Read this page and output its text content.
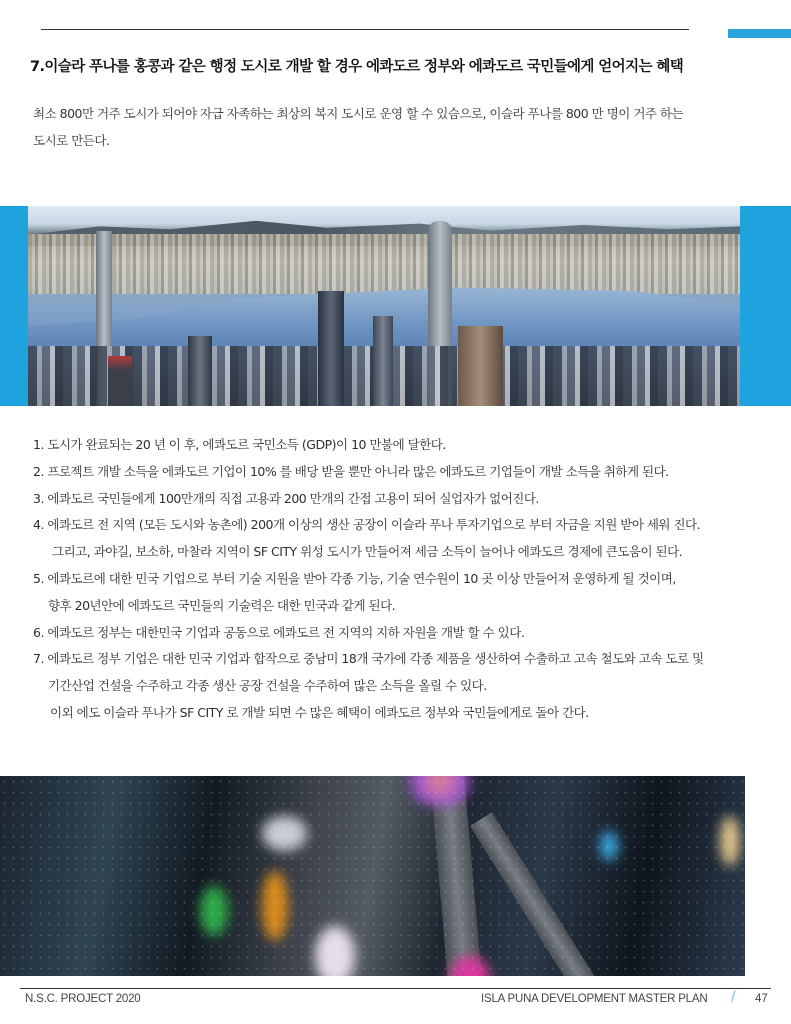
7.이슬라 푸나를 홍콩과 같은 행정 도시로 개발 할 경우 에콰도르 정부와 에콰도르 국민들에게 얻어지는 혜택
최소 800만 거주 도시가 되어야 자급 자족하는 최상의 복지 도시로 운영 할 수 있슴으로, 이슬라 푸나를 800 만 명이 거주 하는
도시로 만든다.
1. 도시가 완료되는 20 년 이 후, 에콰도르 국민소득 (GDP)이 10 만불에 달한다.
2. 프로젝트 개발 소득을 에콰도르 기업이 10% 를 배당 받을 뿐만 아니라 많은 에콰도르 기업들이 개발 소득을 취하게 된다.
3. 에콰도르 국민들에게 100만개의 직접 고용과 200 만개의 간접 고용이 되어 실업자가 없어진다.
4. 에콰도르 전 지역 (모든 도시와 농촌에) 200개 이상의 생산 공장이 이슬라 푸나 투자기업으로 부터 자금을 지원 받아 세워 진다.
그리고, 과야길, 보소하, 마찰라 지역이 SF CITY 위성 도시가 만들어져 세금 소득이 늘어나 에콰도르 경제에 큰도움이 된다.
5. 에콰도르에 대한 민국 기업으로 부터 기술 지원을 받아 각종 기능, 기술 연수원이 10 곳 이상 만들어져 운영하게 될 것이며,
향후 20년안에 에콰도르 국민들의 기술력은 대한 민국과 같게 된다.
6. 에콰도르 정부는 대한민국 기업과 공동으로 에콰도르 전 지역의 지하 자원을 개발 할 수 있다.
7. 에콰도르 정부 기업은 대한 민국 기업과 합작으로 중남미 18개 국가에 각종 제품을 생산하여 수출하고 고속 철도와 고속 도로 및
기간산업 건설을 수주하고 각종 생산 공장 건설을 수주하여 많은 소득을 올릴 수 있다.
이외 에도 이슬라 푸나가 SF CITY 로 개발 되면 수 많은 혜택이 에콰도르 정부와 국민들에게로 돌아 간다.
N.S.C. PROJECT 2020	ISLA PUNA DEVELOPMENT MASTER PLAN / 47
